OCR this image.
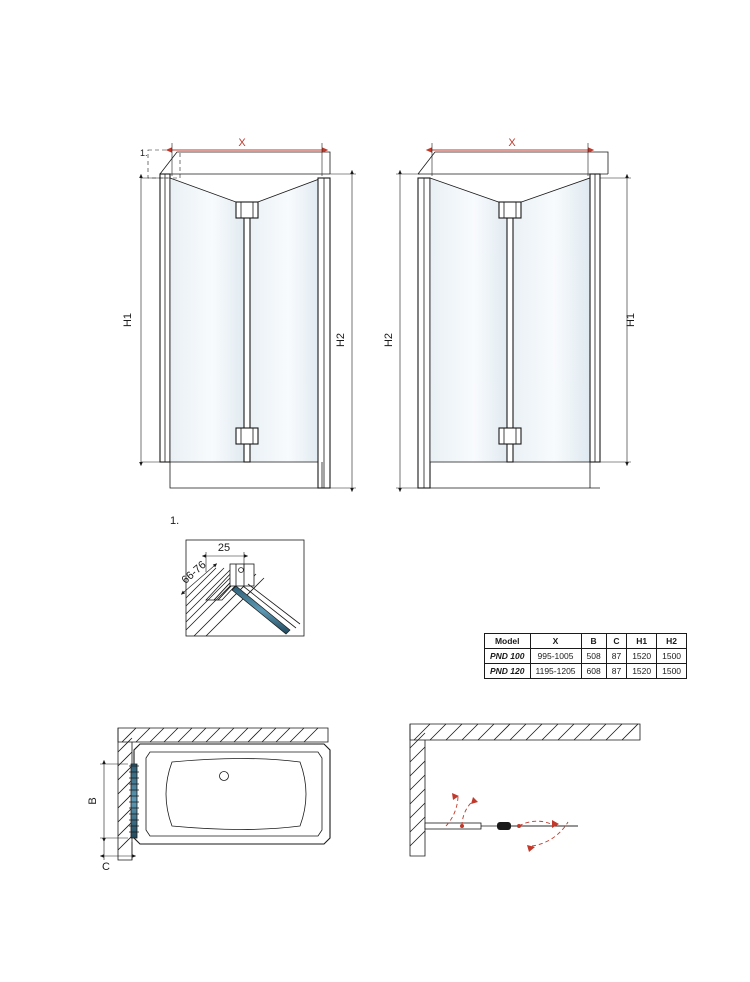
1.
X
H1
H2
X
H2
H1
1.
25
66-76
B
C
Model	X	B	C	H1	H2
PND 100	995-1005	508	87	1520	1500
PND 120	1195-1205	608	87	1520	1500
